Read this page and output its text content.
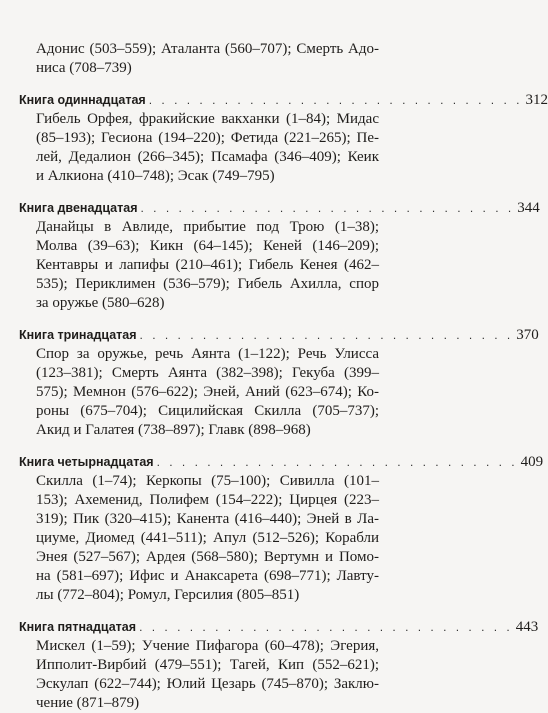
Адонис (503–559); Аталанта (560–707); Смерть Адо-
ниса (708–739)
Книга одиннадцатая . . . . . . . . . . . . . . . . . . . . . . . . . . . . . . 312
Гибель Орфея, фракийские вакханки (1–84); Мидас
(85–193); Гесиона (194–220); Фетида (221–265); Пе-
лей, Дедалион (266–345); Псамафа (346–409); Кеик
и Алкиона (410–748); Эсак (749–795)
Книга двенадцатая . . . . . . . . . . . . . . . . . . . . . . . . . . . . . . 344
Данайцы в Авлиде, прибытие под Трою (1–38);
Молва (39–63); Кикн (64–145); Кеней (146–209);
Кентавры и лапифы (210–461); Гибель Кенея (462–
535); Периклимен (536–579); Гибель Ахилла, спор
за оружье (580–628)
Книга тринадцатая . . . . . . . . . . . . . . . . . . . . . . . . . . . . . . 370
Спор за оружье, речь Аянта (1–122); Речь Улисса
(123–381); Смерть Аянта (382–398); Гекуба (399–
575); Мемнон (576–622); Эней, Аний (623–674); Ко-
роны (675–704); Сицилийская Скилла (705–737);
Акид и Галатея (738–897); Главк (898–968)
Книга четырнадцатая . . . . . . . . . . . . . . . . . . . . . . . . . . . . . 409
Скилла (1–74); Керкопы (75–100); Сивилла (101–
153); Ахеменид, Полифем (154–222); Цирцея (223–
319); Пик (320–415); Канента (416–440); Эней в Ла-
циуме, Диомед (441–511); Апул (512–526); Корабли
Энея (527–567); Ардея (568–580); Вертумн и Помо-
на (581–697); Ифис и Анаксарета (698–771); Лавту-
лы (772–804); Ромул, Герсилия (805–851)
Книга пятнадцатая . . . . . . . . . . . . . . . . . . . . . . . . . . . . . . 443
Мискел (1–59); Учение Пифагора (60–478); Эгерия,
Ипполит-Вирбий (479–551); Тагей, Кип (552–621);
Эскулап (622–744); Юлий Цезарь (745–870); Заклю-
чение (871–879)
